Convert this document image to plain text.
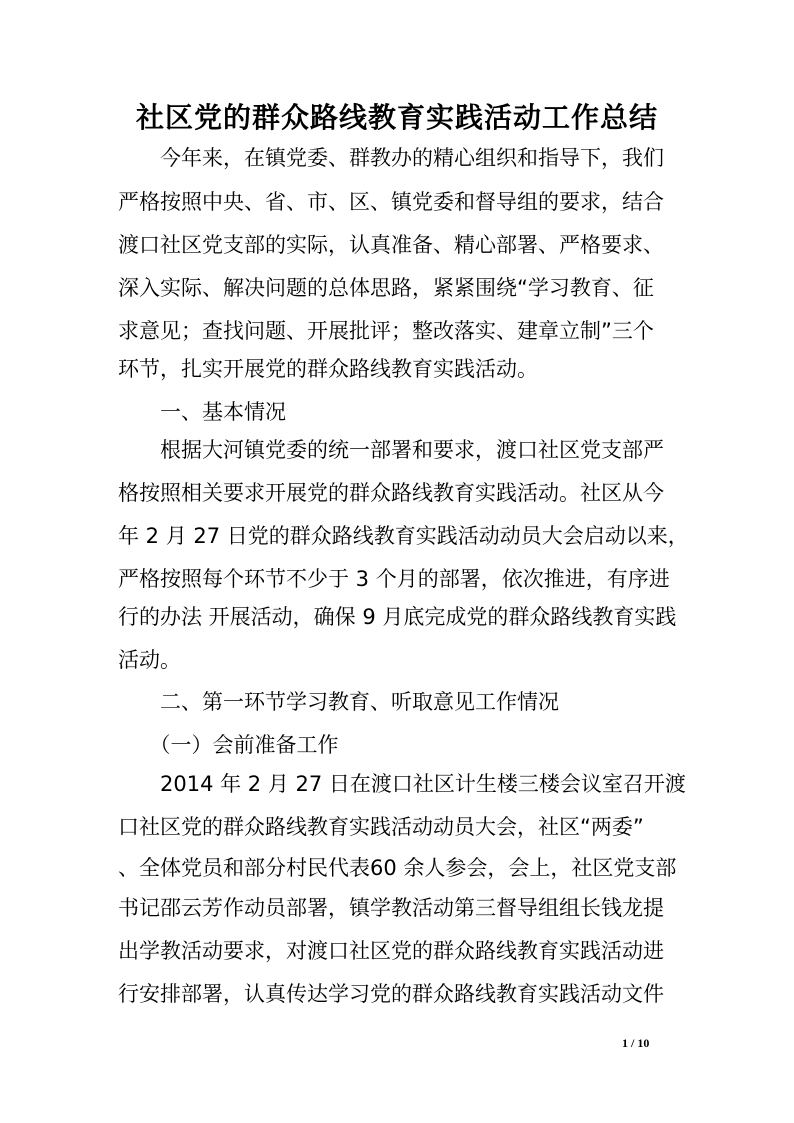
社区党的群众路线教育实践活动工作总结
　　今年来，在镇党委、群教办的精心组织和指导下，我们
严格按照中央、省、市、区、镇党委和督导组的要求，结合
渡口社区党支部的实际，认真准备、精心部署、严格要求、
深入实际、解决问题的总体思路，紧紧围绕“学习教育、征
求意见；查找问题、开展批评；整改落实、建章立制”三个
环节，扎实开展党的群众路线教育实践活动。
　　一、基本情况
　　根据大河镇党委的统一部署和要求，渡口社区党支部严
格按照相关要求开展党的群众路线教育实践活动。社区从今
年 2 月 27 日党的群众路线教育实践活动动员大会启动以来，
严格按照每个环节不少于 3 个月的部署，依次推进，有序进
行的办法 开展活动，确保 9 月底完成党的群众路线教育实践
活动。
　　二、第一环节学习教育、听取意见工作情况
　　（一）会前准备工作
　　2014 年 2 月 27 日在渡口社区计生楼三楼会议室召开渡
口社区党的群众路线教育实践活动动员大会，社区“两委”
、全体党员和部分村民代表60 余人参会，会上，社区党支部
书记邵云芳作动员部署，镇学教活动第三督导组组长钱龙提
出学教活动要求，对渡口社区党的群众路线教育实践活动进
行安排部署，认真传达学习党的群众路线教育实践活动文件
1 / 10
